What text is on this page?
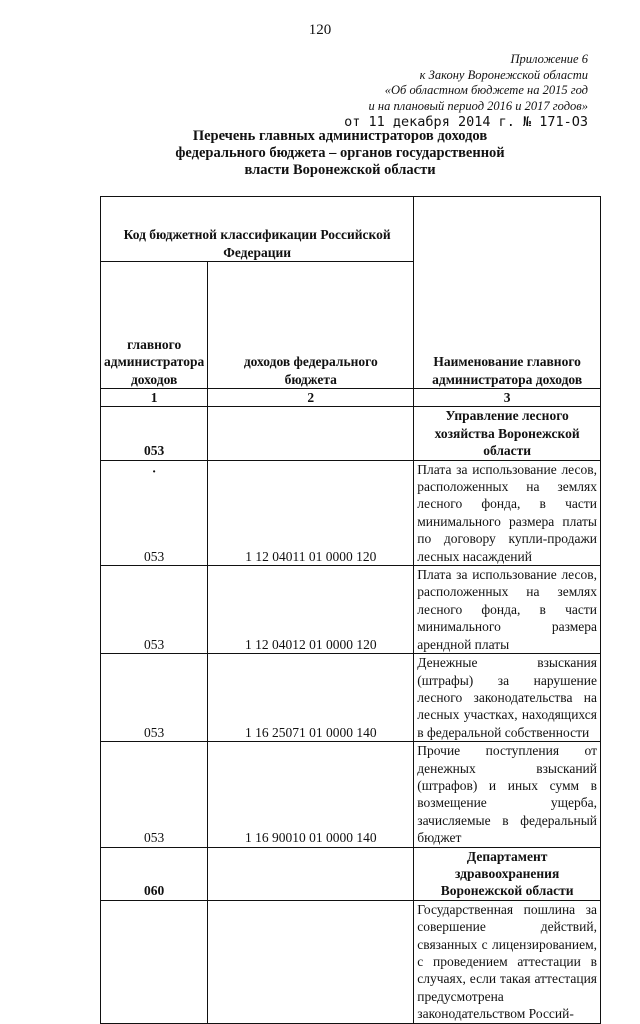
120
Приложение 6
к Закону Воронежской области
«Об областном бюджете на 2015 год
и на плановый период 2016 и 2017 годов»
от 11 декабря 2014 г. № 171-ОЗ
Перечень главных администраторов доходов
федерального бюджета – органов государственной
власти Воронежской области
Код бюджетной классификации Российской Федерации		Наименование главного администратора доходов
главного администратора доходов	доходов федерального бюджета	
1	2	3
053		Управление лесного хозяйства Воронежской области

·
053	1 12 04011 01 0000 120	Плата за использование лесов, расположенных на землях лесного фонда, в части минимального размера платы по договору купли-продажи лесных насаждений
053	1 12 04012 01 0000 120	Плата за использование лесов, расположенных на землях лесного фонда, в части минимального размера арендной платы
053	1 16 25071 01 0000 140	Денежные взыскания (штрафы) за нарушение лесного законодательства на лесных участках, находящихся в федеральной собственности
053	1 16 90010 01 0000 140	Прочие поступления от денежных взысканий (штрафов) и иных сумм в возмещение ущерба, зачисляемые в федеральный бюджет
060		Департамент здравоохранения Воронежской области
		Государственная пошлина за совершение действий, связанных с лицензированием, с проведением аттестации в случаях, если такая аттестация предусмотрена законодательством Россий-
